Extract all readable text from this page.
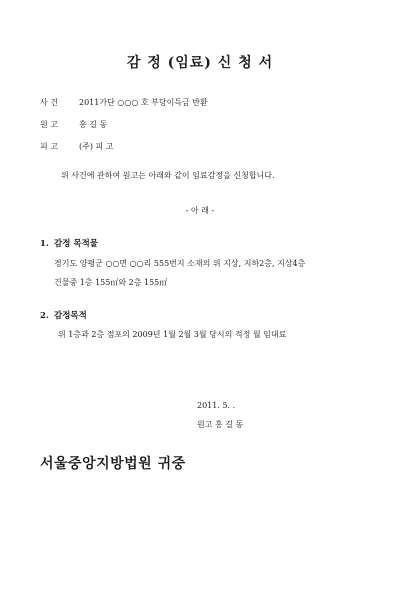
감 정 (임료) 신 청 서
사 건	2011가단 ○○○ 호 부당이득금 반환
원 고	홍 길 동
피 고	(주) 피 고
위 사건에 관하여 원고는 아래와 같이 임료감정을 신청합니다.
- 아 래 -
1. 감정 목적물
경기도 양평군 ○○면 ○○리 555번지 소재의 위 지상, 지하2층, 지상4층
건물중 1층 155㎡와 2층 155㎡
2. 감정목적
위 1층과 2층 점포의 2009년 1월 2월 3월 당시의 적정 월 임대료
2011. 5. .
원고 홍 길 동
서울중앙지방법원 귀중
